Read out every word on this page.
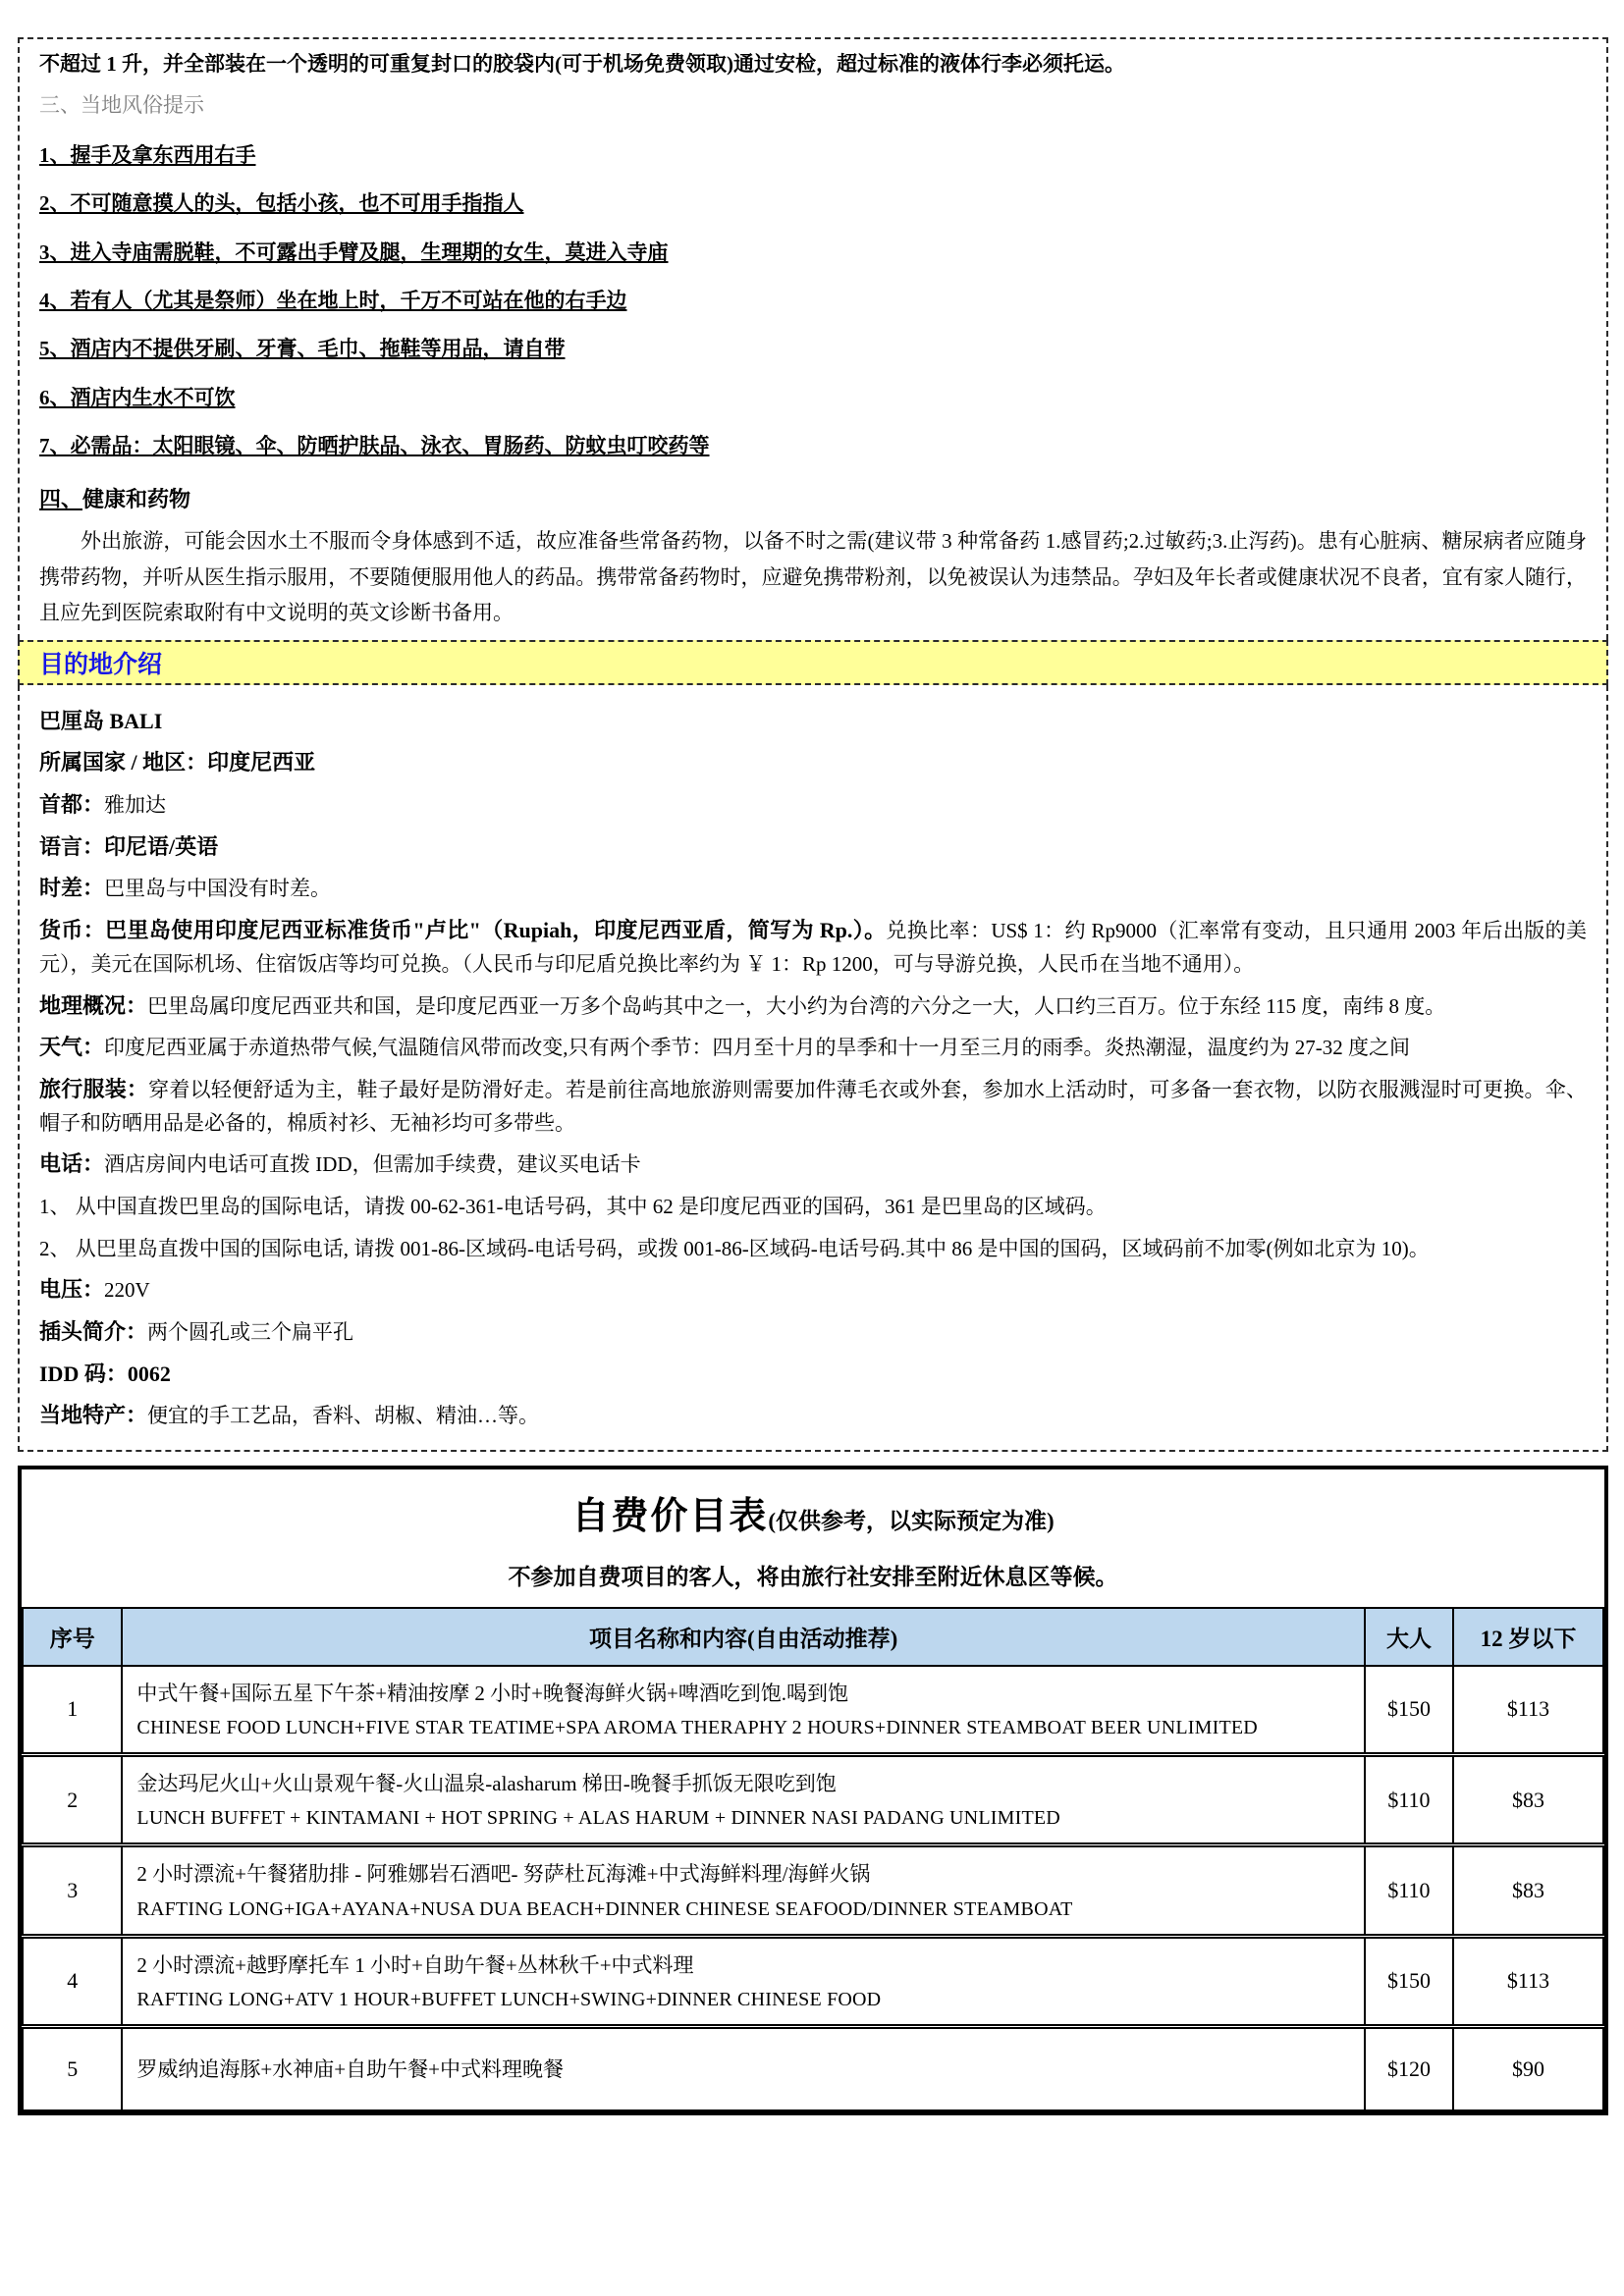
不超过 1 升，并全部装在一个透明的可重复封口的胶袋内(可于机场免费领取)通过安检，超过标准的液体行李必须托运。

三、当地风俗提示

1、握手及拿东西用右手

2、不可随意摸人的头，包括小孩，也不可用手指指人

3、进入寺庙需脱鞋，不可露出手臂及腿，生理期的女生，莫进入寺庙

4、若有人（尤其是祭师）坐在地上时，千万不可站在他的右手边

5、酒店内不提供牙刷、牙膏、毛巾、拖鞋等用品，请自带

6、酒店内生水不可饮

7、必需品：太阳眼镜、伞、防晒护肤品、泳衣、胃肠药、防蚊虫叮咬药等

四、健康和药物

外出旅游，可能会因水土不服而令身体感到不适，故应准备些常备药物，以备不时之需(建议带 3 种常备药 1.感冒药;2.过敏药;3.止泻药)。患有心脏病、糖尿病者应随身携带药物，并听从医生指示服用，不要随便服用他人的药品。携带常备药物时，应避免携带粉剂，以免被误认为违禁品。孕妇及年长者或健康状况不良者，宜有家人随行，且应先到医院索取附有中文说明的英文诊断书备用。

目的地介绍

巴厘岛 BALI

所属国家 / 地区：印度尼西亚

首都：雅加达

语言：印尼语/英语

时差：巴里岛与中国没有时差。

货币：巴里岛使用印度尼西亚标准货币"卢比"（Rupiah，印度尼西亚盾，简写为 Rp.）。兑换比率：US$ 1：约 Rp9000（汇率常有变动，且只通用 2003 年后出版的美元），美元在国际机场、住宿饭店等均可兑换。（人民币与印尼盾兑换比率约为 ￥ 1：Rp 1200，可与导游兑换，人民币在当地不通用）。

地理概况：巴里岛属印度尼西亚共和国，是印度尼西亚一万多个岛屿其中之一，大小约为台湾的六分之一大，人口约三百万。位于东经 115 度，南纬 8 度。

天气：印度尼西亚属于赤道热带气候,气温随信风带而改变,只有两个季节：四月至十月的旱季和十一月至三月的雨季。炎热潮湿，温度约为 27-32 度之间

旅行服装：穿着以轻便舒适为主，鞋子最好是防滑好走。若是前往高地旅游则需要加件薄毛衣或外套，参加水上活动时，可多备一套衣物，以防衣服溅湿时可更换。伞、帽子和防晒用品是必备的，棉质衬衫、无袖衫均可多带些。

电话：酒店房间内电话可直拨 IDD，但需加手续费，建议买电话卡

1、 从中国直拨巴里岛的国际电话，请拨 00-62-361-电话号码，其中 62 是印度尼西亚的国码，361 是巴里岛的区域码。

2、 从巴里岛直拨中国的国际电话, 请拨 001-86-区域码-电话号码，或拨 001-86-区域码-电话号码.其中 86 是中国的国码，区域码前不加零(例如北京为 10)。

电压：220V

插头简介：两个圆孔或三个扁平孔

IDD 码：0062

当地特产：便宜的手工艺品，香料、胡椒、精油…等。

自费价目表(仅供参考，以实际预定为准)
不参加自费项目的客人，将由旅行社安排至附近休息区等候。
序号	项目名称和内容(自由活动推荐)	大人	12 岁以下
1	中式午餐+国际五星下午茶+精油按摩 2 小时+晚餐海鲜火锅+啤酒吃到饱.喝到饱
CHINESE FOOD LUNCH+FIVE STAR TEATIME+SPA AROMA THERAPHY 2 HOURS+DINNER STEAMBOAT BEER UNLIMITED	$150	$113
2	金达玛尼火山+火山景观午餐-火山温泉-alasharum 梯田-晚餐手抓饭无限吃到饱
LUNCH BUFFET + KINTAMANI + HOT SPRING + ALAS HARUM + DINNER NASI PADANG UNLIMITED	$110	$83
3	2 小时漂流+午餐猪肋排 - 阿雅娜岩石酒吧- 努萨杜瓦海滩+中式海鲜料理/海鲜火锅
RAFTING LONG+IGA+AYANA+NUSA DUA BEACH+DINNER CHINESE SEAFOOD/DINNER STEAMBOAT	$110	$83
4	2 小时漂流+越野摩托车 1 小时+自助午餐+丛林秋千+中式料理
RAFTING LONG+ATV 1 HOUR+BUFFET LUNCH+SWING+DINNER CHINESE FOOD	$150	$113
5	罗威纳追海豚+水神庙+自助午餐+中式料理晚餐	$120	$90
